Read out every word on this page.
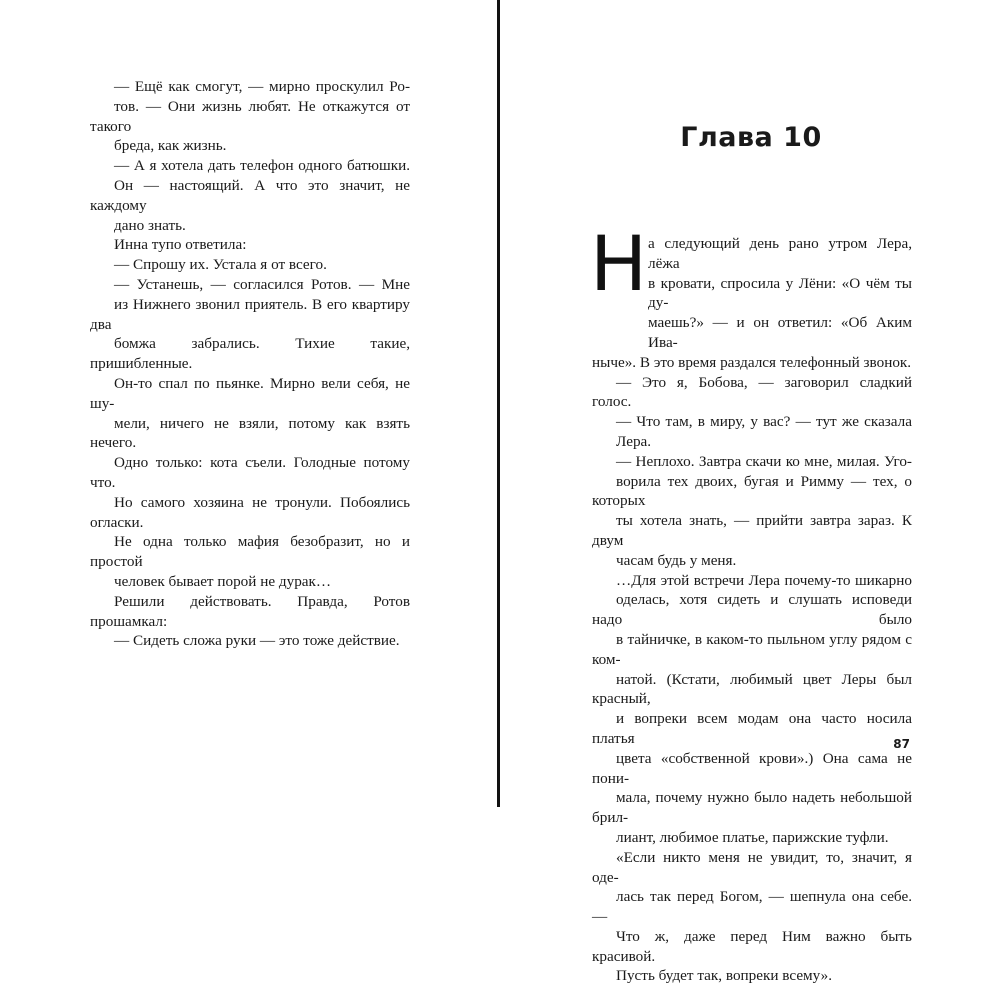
— Ещё как смогут, — мирно проскулил Ро-
тов. — Они жизнь любят. Не откажутся от такого
бреда, как жизнь.

— А я хотела дать телефон одного батюшки.
Он — настоящий. А что это значит, не каждому
дано знать.

Инна тупо ответила:

— Спрошу их. Устала я от всего.

— Устанешь, — согласился Ротов. — Мне
из Нижнего звонил приятель. В его квартиру два
бомжа забрались. Тихие такие, пришибленные.
Он-то спал по пьянке. Мирно вели себя, не шу-
мели, ничего не взяли, потому как взять нечего.
Одно только: кота съели. Голодные потому что.
Но самого хозяина не тронули. Побоялись огласки.
Не одна только мафия безобразит, но и простой
человек бывает порой не дурак…

Решили действовать. Правда, Ротов прошамкал:

— Сидеть сложа руки — это тоже действие.

Глава 10
Н а следующий день рано утром Лера, лёжа
в кровати, спросила у Лёни: «О чём ты ду-
маешь?» — и он ответил: «Об Аким Ива-
ныче». В это время раздался телефонный звонок.

— Это я, Бобова, — заговорил сладкий голос.

— Что там, в миру, у вас? — тут же сказала
Лера.

— Неплохо. Завтра скачи ко мне, милая. Уго-
ворила тех двоих, бугая и Римму — тех, о которых
ты хотела знать, — прийти завтра зараз. К двум
часам будь у меня.

…Для этой встречи Лера почему-то шикарно
оделась, хотя сидеть и слушать исповеди надо было
в тайничке, в каком-то пыльном углу рядом с ком-
натой. (Кстати, любимый цвет Леры был красный,
и вопреки всем модам она часто носила платья
цвета «собственной крови».) Она сама не пони-
мала, почему нужно было надеть небольшой брил-
лиант, любимое платье, парижские туфли.

«Если никто меня не увидит, то, значит, я оде-
лась так перед Богом, — шепнула она себе. —
Что ж, даже перед Ним важно быть красивой.
Пусть будет так, вопреки всему».

87
